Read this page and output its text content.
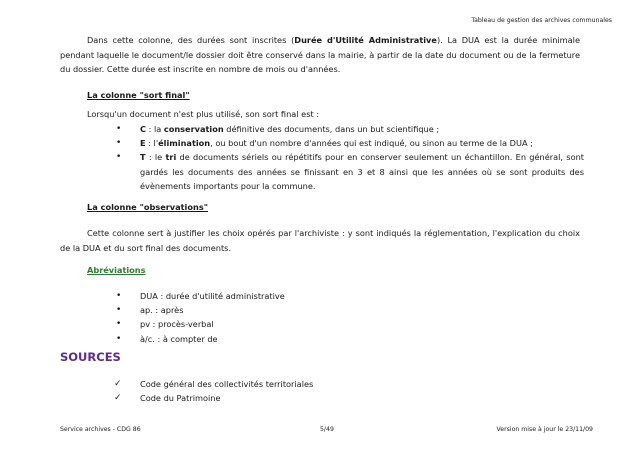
Tableau de gestion des archives communales
Dans cette colonne, des durées sont inscrites (Durée d'Utilité Administrative). La DUA est la durée minimale pendant laquelle le document/le dossier doit être conservé dans la mairie, à partir de la date du document ou de la fermeture du dossier. Cette durée est inscrite en nombre de mois ou d'années.
La colonne "sort final"
Lorsqu'un document n'est plus utilisé, son sort final est :
• C : la conservation définitive des documents, dans un but scientifique ;
• E : l'élimination, ou bout d'un nombre d'années qui est indiqué, ou sinon au terme de la DUA ;
• T : le tri de documents sériels ou répétitifs pour en conserver seulement un échantillon. En général, sont gardés les documents des années se finissant en 3 et 8 ainsi que les années où se sont produits des évènements importants pour la commune.
La colonne "observations"
Cette colonne sert à justifier les choix opérés par l'archiviste : y sont indiqués la réglementation, l'explication du choix de la DUA et du sort final des documents.
Abréviations
• DUA : durée d'utilité administrative
• ap. : après
• pv : procès-verbal
• à/c. : à compter de
SOURCES
✓ Code général des collectivités territoriales
✓ Code du Patrimoine
Service archives - CDG 86	5/49	Version mise à jour le 23/11/09
